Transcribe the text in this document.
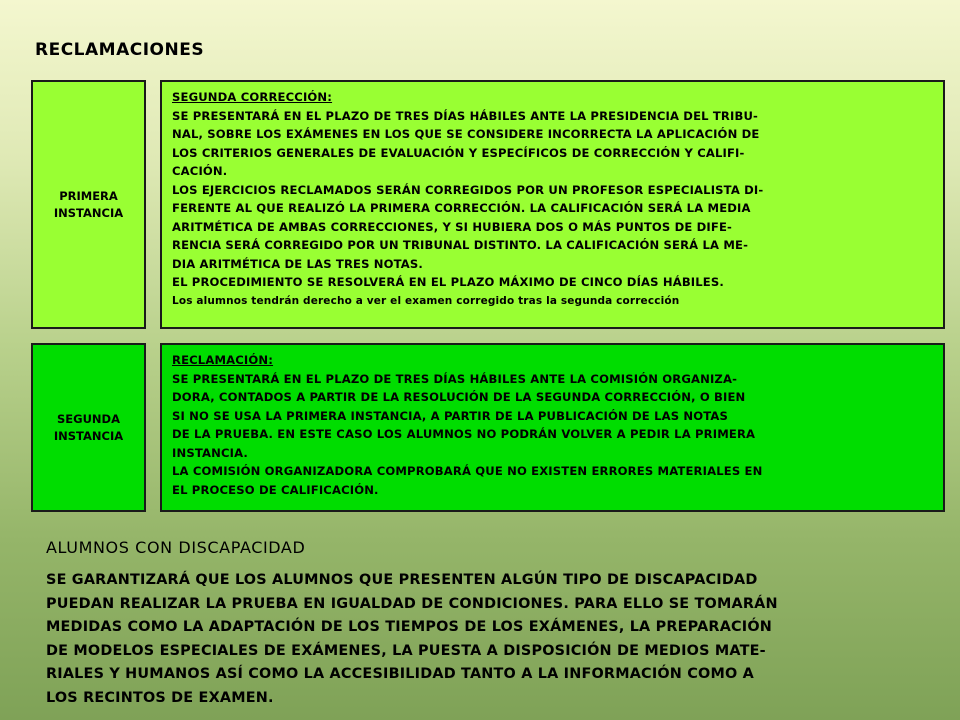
RECLAMACIONES
PRIMERA
INSTANCIA

SEGUNDA CORRECCIÓN:

SE PRESENTARÁ EN EL PLAZO DE TRES DÍAS HÁBILES ANTE LA PRESIDENCIA DEL TRIBU-

NAL, SOBRE LOS EXÁMENES EN LOS QUE SE CONSIDERE INCORRECTA LA APLICACIÓN DE

LOS CRITERIOS GENERALES DE EVALUACIÓN Y ESPECÍFICOS DE CORRECCIÓN Y CALIFI-

CACIÓN.

LOS EJERCICIOS RECLAMADOS SERÁN CORREGIDOS POR UN PROFESOR ESPECIALISTA DI-

FERENTE AL QUE REALIZÓ LA PRIMERA CORRECCIÓN. LA CALIFICACIÓN SERÁ LA MEDIA

ARITMÉTICA DE AMBAS CORRECCIONES, Y SI HUBIERA DOS O MÁS PUNTOS DE DIFE-

RENCIA SERÁ CORREGIDO POR UN TRIBUNAL DISTINTO. LA CALIFICACIÓN SERÁ LA ME-

DIA ARITMÉTICA DE LAS TRES NOTAS.

EL PROCEDIMIENTO SE RESOLVERÁ EN EL PLAZO MÁXIMO DE CINCO DÍAS HÁBILES.

Los alumnos tendrán derecho a ver el examen corregido tras la segunda corrección

SEGUNDA
INSTANCIA

RECLAMACIÓN:

SE PRESENTARÁ EN EL PLAZO DE TRES DÍAS HÁBILES ANTE LA COMISIÓN ORGANIZA-

DORA, CONTADOS A PARTIR DE LA RESOLUCIÓN DE LA SEGUNDA CORRECCIÓN, O BIEN

SI NO SE USA LA PRIMERA INSTANCIA, A PARTIR DE LA PUBLICACIÓN DE LAS NOTAS

DE LA PRUEBA. EN ESTE CASO LOS ALUMNOS NO PODRÁN VOLVER A PEDIR LA PRIMERA

INSTANCIA.

LA COMISIÓN ORGANIZADORA COMPROBARÁ QUE NO EXISTEN ERRORES MATERIALES EN

EL PROCESO DE CALIFICACIÓN.

ALUMNOS CON DISCAPACIDAD

SE GARANTIZARÁ QUE LOS ALUMNOS QUE PRESENTEN ALGÚN TIPO DE DISCAPACIDAD

PUEDAN REALIZAR LA PRUEBA EN IGUALDAD DE CONDICIONES. PARA ELLO SE TOMARÁN

MEDIDAS COMO LA ADAPTACIÓN DE LOS TIEMPOS DE LOS EXÁMENES, LA PREPARACIÓN

DE MODELOS ESPECIALES DE EXÁMENES, LA PUESTA A DISPOSICIÓN DE MEDIOS MATE-

RIALES Y HUMANOS ASÍ COMO LA ACCESIBILIDAD TANTO A LA INFORMACIÓN COMO A

LOS RECINTOS DE EXAMEN.
